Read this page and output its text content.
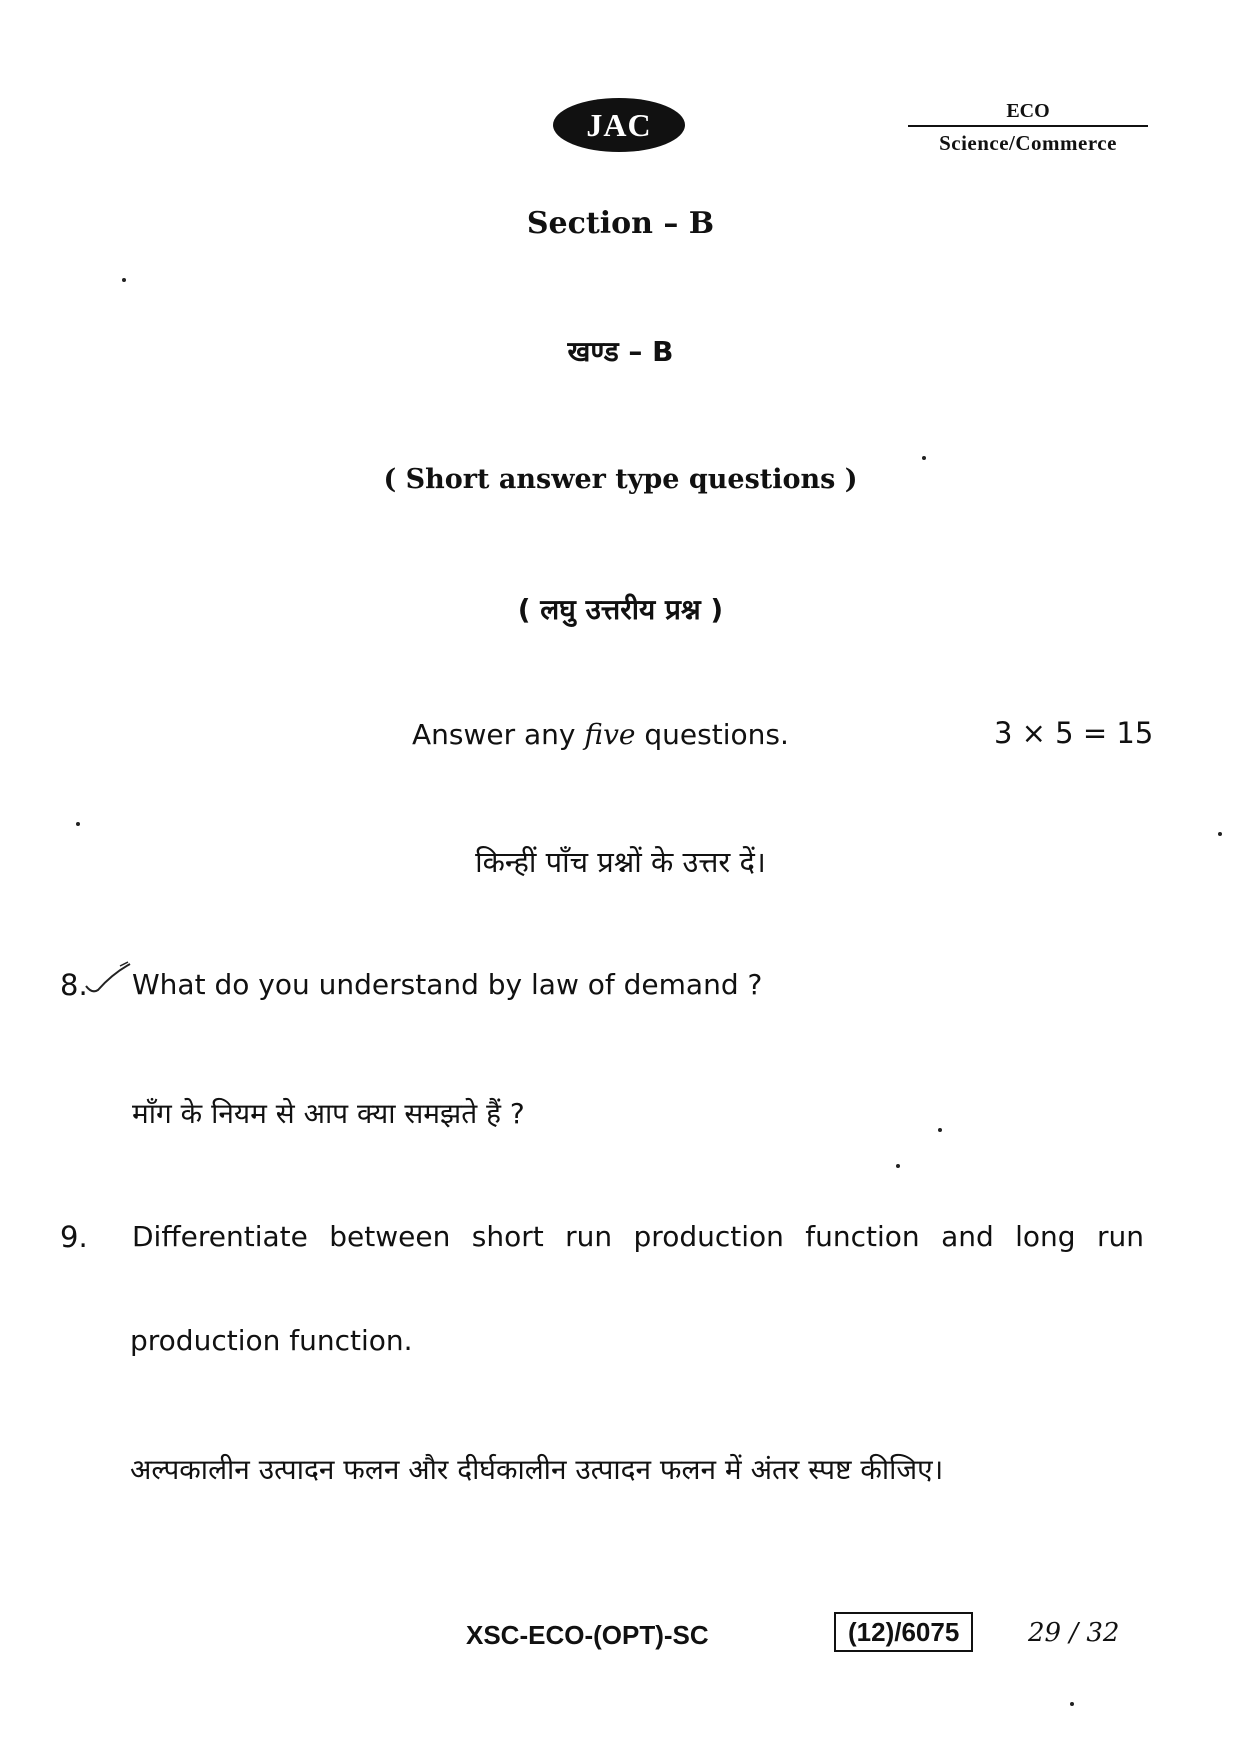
JAC	ECO
Science/Commerce
Section – B
खण्ड – B
( Short answer type questions )
( लघु उत्तरीय प्रश्न )
Answer any five questions.	3 × 5 = 15
किन्हीं पाँच प्रश्नों के उत्तर दें।
8. What do you understand by law of demand ?
माँग के नियम से आप क्या समझते हैं ?
9. Differentiate between short run production function and long run
production function.
अल्पकालीन उत्पादन फलन और दीर्घकालीन उत्पादन फलन में अंतर स्पष्ट कीजिए।
XSC-ECO-(OPT)-SC	(12)/6075	29 / 32
